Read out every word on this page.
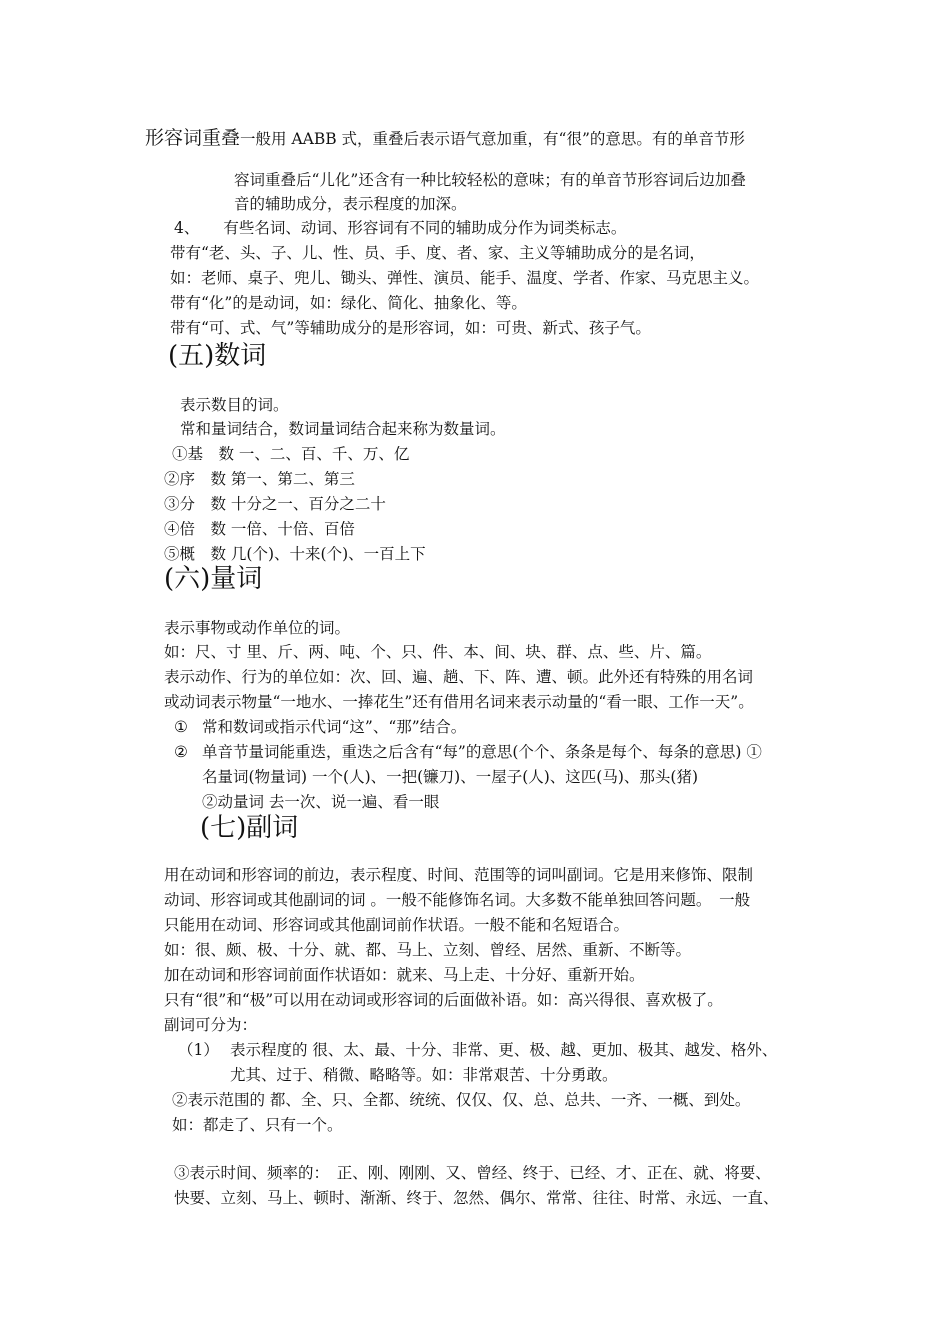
形容词重叠一般用 AABB 式，重叠后表示语气意加重，有“很”的意思。有的单音节形
容词重叠后“儿化”还含有一种比较轻松的意味；有的单音节形容词后边加叠
音的辅助成分，表示程度的加深。
4、 有些名词、动词、形容词有不同的辅助成分作为词类标志。
带有“老、头、子、儿、性、员、手、度、者、家、主义等辅助成分的是名词，
如：老师、桌子、兜儿、锄头、弹性、演员、能手、温度、学者、作家、马克思主义。
带有“化”的是动词，如：绿化、简化、抽象化、等。
带有“可、式、气”等辅助成分的是形容词，如：可贵、新式、孩子气。
(五)数词
表示数目的词。
常和量词结合，数词量词结合起来称为数量词。
①基　数 一、二、百、千、万、亿
②序　数 第一、第二、第三
③分　数 十分之一、百分之二十
④倍　数 一倍、十倍、百倍
⑤概　数 几(个)、十来(个)、一百上下
(六)量词
表示事物或动作单位的词。
如：尺、寸 里、斤、两、吨、个、只、件、本、间、块、群、点、些、片、篇。
表示动作、行为的单位如：次、回、遍、趟、下、阵、遭、顿。此外还有特殊的用名词
或动词表示物量“一地水、一捧花生”还有借用名词来表示动量的“看一眼、工作一天”。
① 常和数词或指示代词“这”、“那”结合。
② 单音节量词能重迭，重迭之后含有“每”的意思(个个、条条是每个、每条的意思) ①
名量词(物量词) 一个(人)、一把(镰刀)、一屋子(人)、这匹(马)、那头(猪)
②动量词 去一次、说一遍、看一眼
(七)副词
用在动词和形容词的前边，表示程度、时间、范围等的词叫副词。它是用来修饰、限制
动词、形容词或其他副词的词 。一般不能修饰名词。大多数不能单独回答问题。　一般
只能用在动词、形容词或其他副词前作状语。一般不能和名短语合。
如：很、颇、极、十分、就、都、马上、立刻、曾经、居然、重新、不断等。
加在动词和形容词前面作状语如：就来、马上走、十分好、重新开始。
只有“很”和“极”可以用在动词或形容词的后面做补语。如：高兴得很、喜欢极了。
副词可分为：
（1） 表示程度的 很、太、最、十分、非常、更、极、越、更加、极其、越发、格外、
尤其、过于、稍微、略略等。如：非常艰苦、十分勇敢。
②表示范围的 都、全、只、全都、统统、仅仅、仅、总、总共、一齐、一概、到处。
如：都走了、只有一个。
③表示时间、频率的：　正、刚、刚刚、又、曾经、终于、已经、才、正在、就、将要、
快要、立刻、马上、顿时、渐渐、终于、忽然、偶尔、常常、往往、时常、永远、一直、
